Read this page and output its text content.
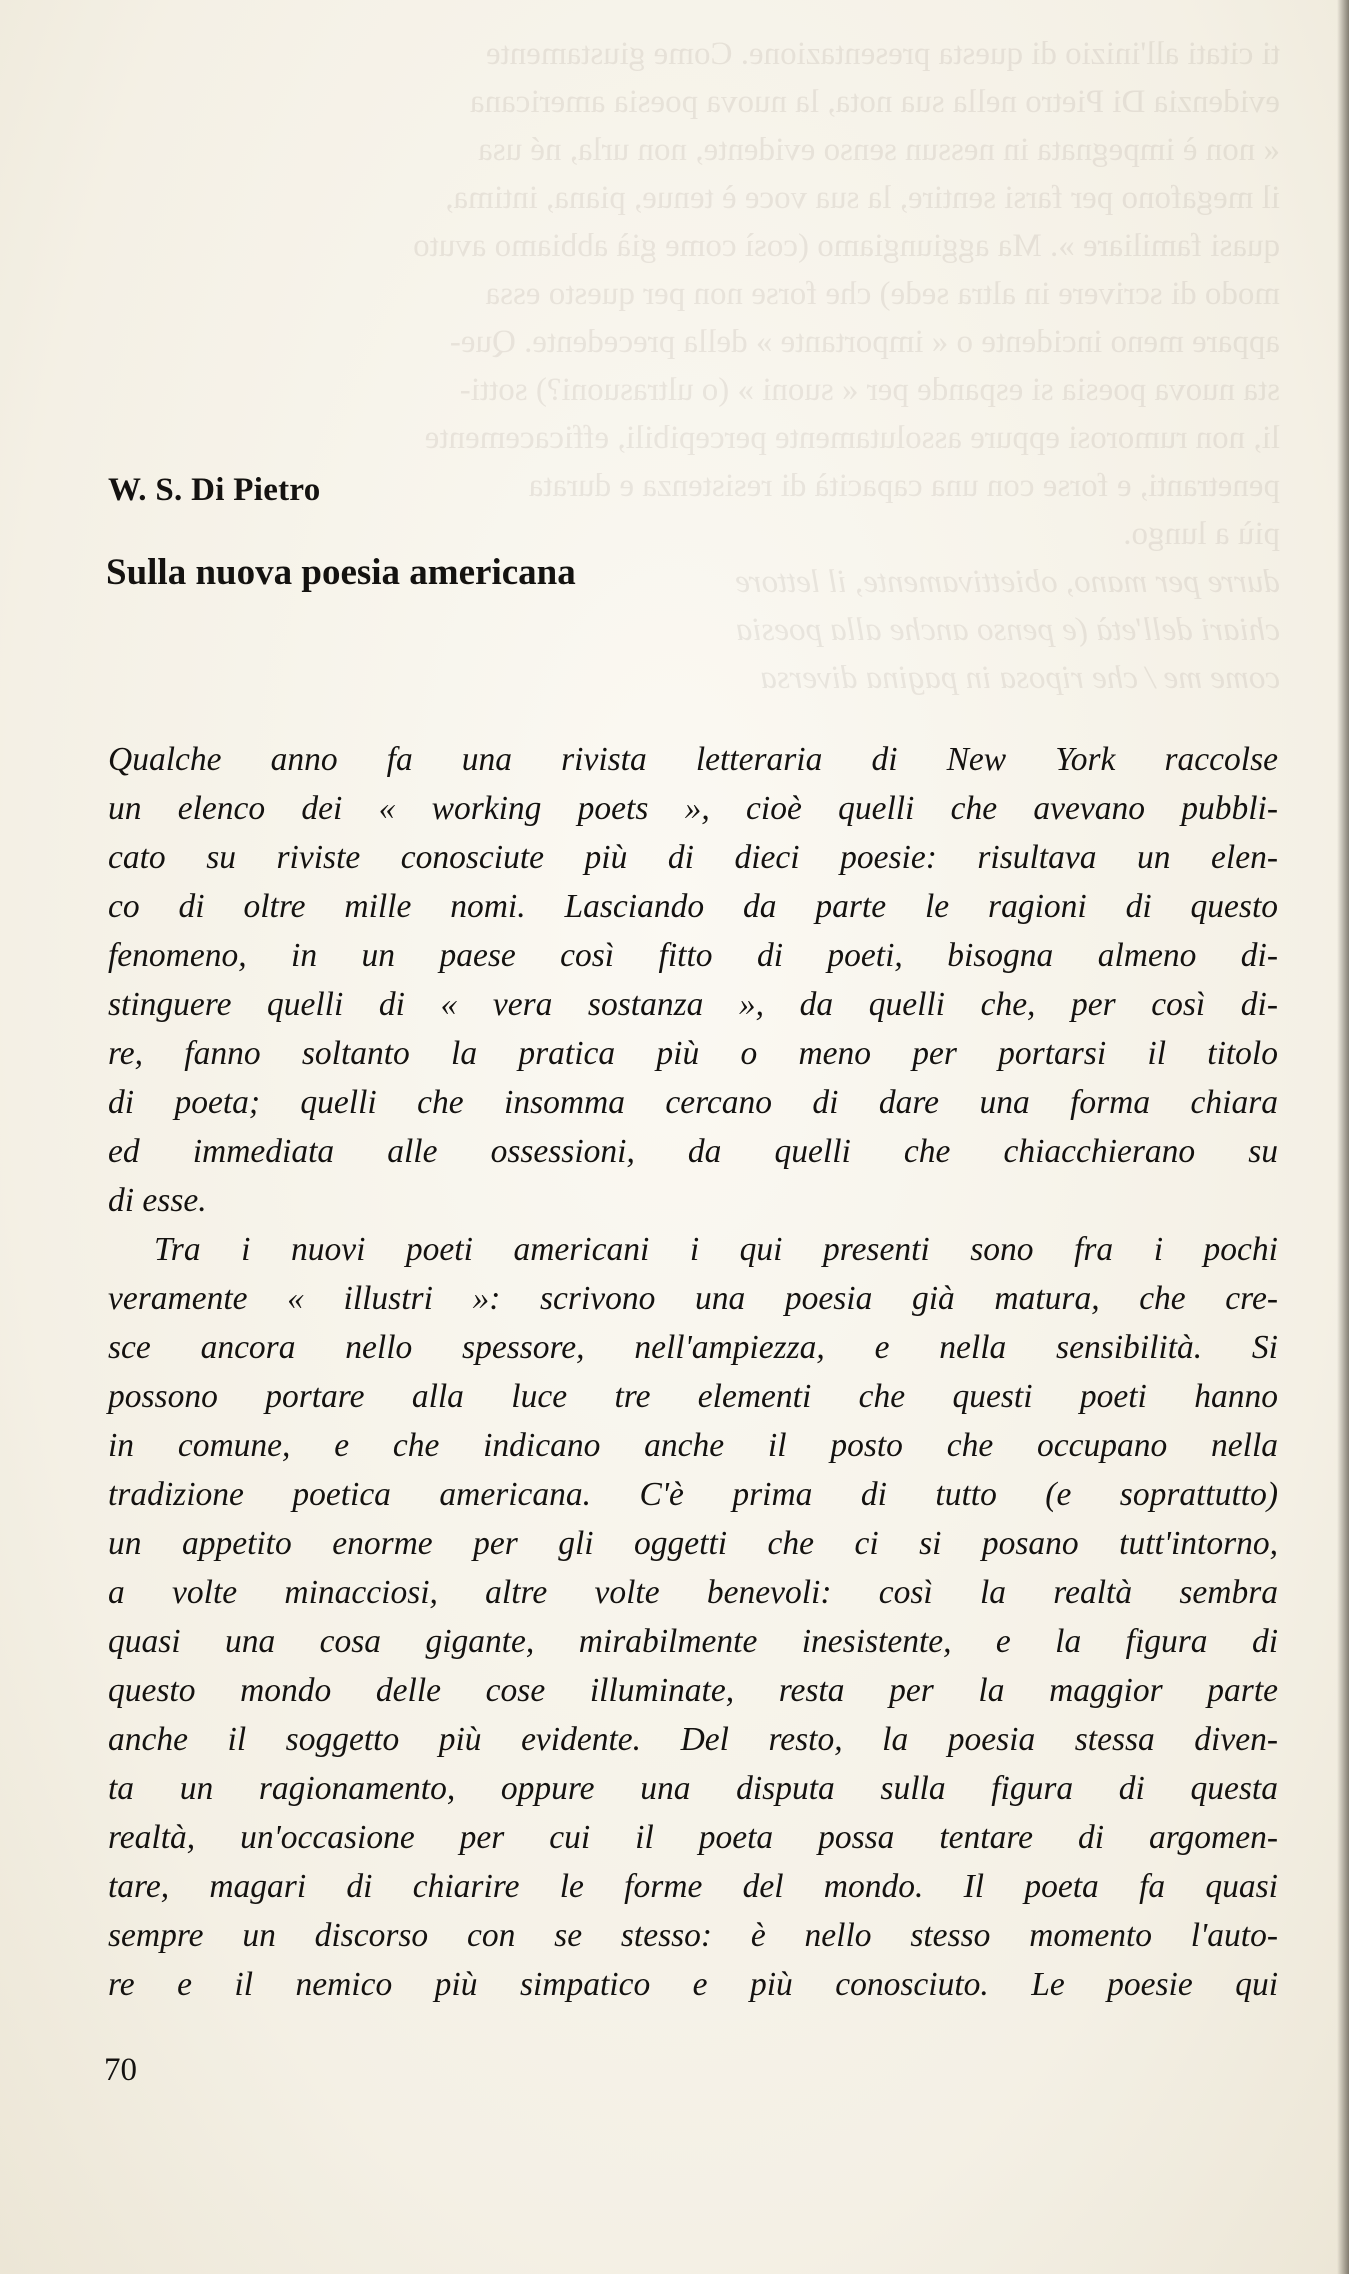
ti citati all'inizio di questa presentazione. Come giustamente
evidenzia Di Pietro nella sua nota, la nuova poesia americana
« non è impegnata in nessun senso evidente, non urla, né usa
il megafono per farsi sentire, la sua voce è tenue, piana, intima,
quasi familiare ». Ma aggiungiamo (così come già abbiamo avuto
modo di scrivere in altra sede) che forse non per questo essa
appare meno incidente o « importante » della precedente. Que-
sta nuova poesia si espande per « suoni » (o ultrasuoni?) sotti-
li, non rumorosi eppure assolutamente percepibili, efficacemente
penetranti, e forse con una capacità di resistenza e durata
più a lungo.
durre per mano, obiettivamente, il lettore
chiari dell'età (e penso anche alla poesia
come me / che riposa in pagina diversa
W. S. Di Pietro
Sulla nuova poesia americana
Qualche anno fa una rivista letteraria di New York raccolse
un elenco dei « working poets », cioè quelli che avevano pubbli-
cato su riviste conosciute più di dieci poesie: risultava un elen-
co di oltre mille nomi. Lasciando da parte le ragioni di questo
fenomeno, in un paese così fitto di poeti, bisogna almeno di-
stinguere quelli di « vera sostanza », da quelli che, per così di-
re, fanno soltanto la pratica più o meno per portarsi il titolo
di poeta; quelli che insomma cercano di dare una forma chiara
ed immediata alle ossessioni, da quelli che chiacchierano su
di esse.
Tra i nuovi poeti americani i qui presenti sono fra i pochi
veramente « illustri »: scrivono una poesia già matura, che cre-
sce ancora nello spessore, nell'ampiezza, e nella sensibilità. Si
possono portare alla luce tre elementi che questi poeti hanno
in comune, e che indicano anche il posto che occupano nella
tradizione poetica americana. C'è prima di tutto (e soprattutto)
un appetito enorme per gli oggetti che ci si posano tutt'intorno,
a volte minacciosi, altre volte benevoli: così la realtà sembra
quasi una cosa gigante, mirabilmente inesistente, e la figura di
questo mondo delle cose illuminate, resta per la maggior parte
anche il soggetto più evidente. Del resto, la poesia stessa diven-
ta un ragionamento, oppure una disputa sulla figura di questa
realtà, un'occasione per cui il poeta possa tentare di argomen-
tare, magari di chiarire le forme del mondo. Il poeta fa quasi
sempre un discorso con se stesso: è nello stesso momento l'auto-
re e il nemico più simpatico e più conosciuto. Le poesie qui
70
